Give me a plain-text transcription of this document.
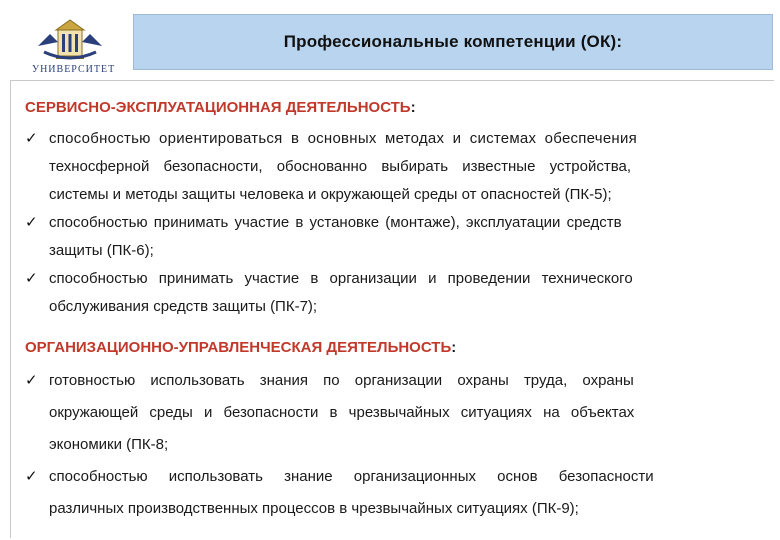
УНИВЕРСИТЕТ
Профессиональные компетенции (ОК):
СЕРВИСНО-ЭКСПЛУАТАЦИОННАЯ ДЕЯТЕЛЬНОСТЬ:
✓ способностью ориентироваться в основных методах и системах обеспечения
техносферной безопасности, обоснованно выбирать известные устройства,
системы и методы защиты человека и окружающей среды от опасностей (ПК-5);
✓ способностью принимать участие в установке (монтаже), эксплуатации средств
защиты (ПК-6);
✓ способностью принимать участие в организации и проведении технического
обслуживания средств защиты (ПК-7);
ОРГАНИЗАЦИОННО-УПРАВЛЕНЧЕСКАЯ ДЕЯТЕЛЬНОСТЬ:
✓ готовностью использовать знания по организации охраны труда, охраны
окружающей среды и безопасности в чрезвычайных ситуациях на объектах
экономики (ПК-8;
✓ способностью использовать знание организационных основ безопасности
различных производственных процессов в чрезвычайных ситуациях (ПК-9);
